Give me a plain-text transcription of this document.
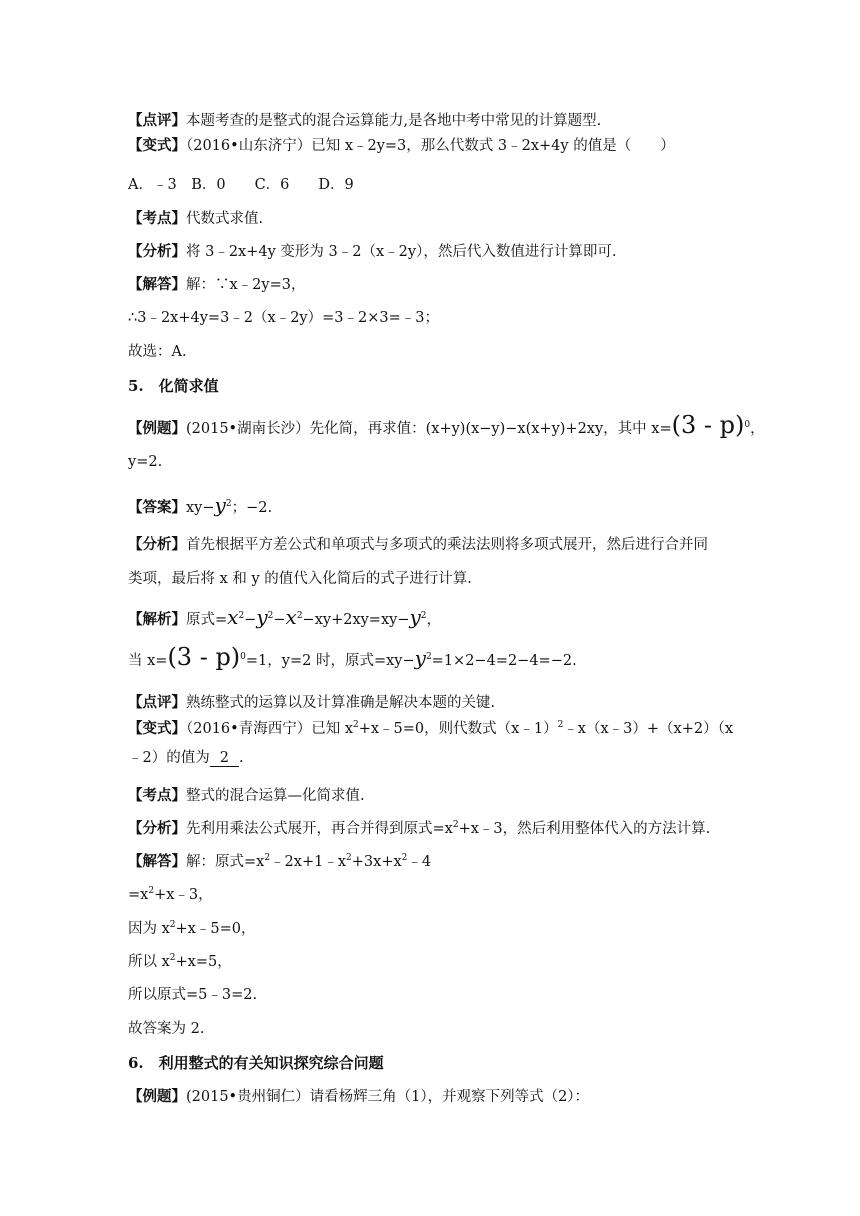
【点评】本题考查的是整式的混合运算能力,是各地中考中常见的计算题型.
【变式】（2016•山东济宁）已知 x﹣2y=3，那么代数式 3﹣2x+4y 的值是（　　）
A．﹣3　B．0　　C．6　　D．9
【考点】代数式求值.
【分析】将 3﹣2x+4y 变形为 3﹣2（x﹣2y），然后代入数值进行计算即可.
【解答】解：∵x﹣2y=3，
∴3﹣2x+4y=3﹣2（x﹣2y）=3﹣2×3=﹣3；
故选：A.
5.　化简求值
【例题】(2015•湖南长沙）先化简，再求值：(x+y)(x−y)−x(x+y)+2xy，其中 x=(3 - p)$^0$，
y=2.
【答案】$xy-y^2$；−2.
【分析】首先根据平方差公式和单项式与多项式的乘法法则将多项式展开，然后进行合并同
类项，最后将 x 和 y 的值代入化简后的式子进行计算.
【解析】原式$=x^2-y^2-x^2-xy+2xy=xy-y^2$，
当 x=(3 - p)$^0$=1，y=2 时，原式$=xy-y^2=1\times 2-4=2-4=-2$.
【点评】熟练整式的运算以及计算准确是解决本题的关键.
【变式】（2016•青海西宁）已知 $x^2+x﹣5=0$，则代数式（x﹣1）$^2$﹣x（x﹣3）+（x+2）（x
﹣2）的值为 2 .
【考点】整式的混合运算—化简求值.
【分析】先利用乘法公式展开，再合并得到原式$=x^2+x﹣3$，然后利用整体代入的方法计算.
【解答】解：原式$=x^2﹣2x+1﹣x^2+3x+x^2﹣4$
$=x^2+x﹣3$，
因为 $x^2+x﹣5=0$，
所以 $x^2+x=5$，
所以原式=5﹣3=2.
故答案为 2.
6.　利用整式的有关知识探究综合问题
【例题】(2015•贵州铜仁）请看杨辉三角（1），并观察下列等式（2）：
